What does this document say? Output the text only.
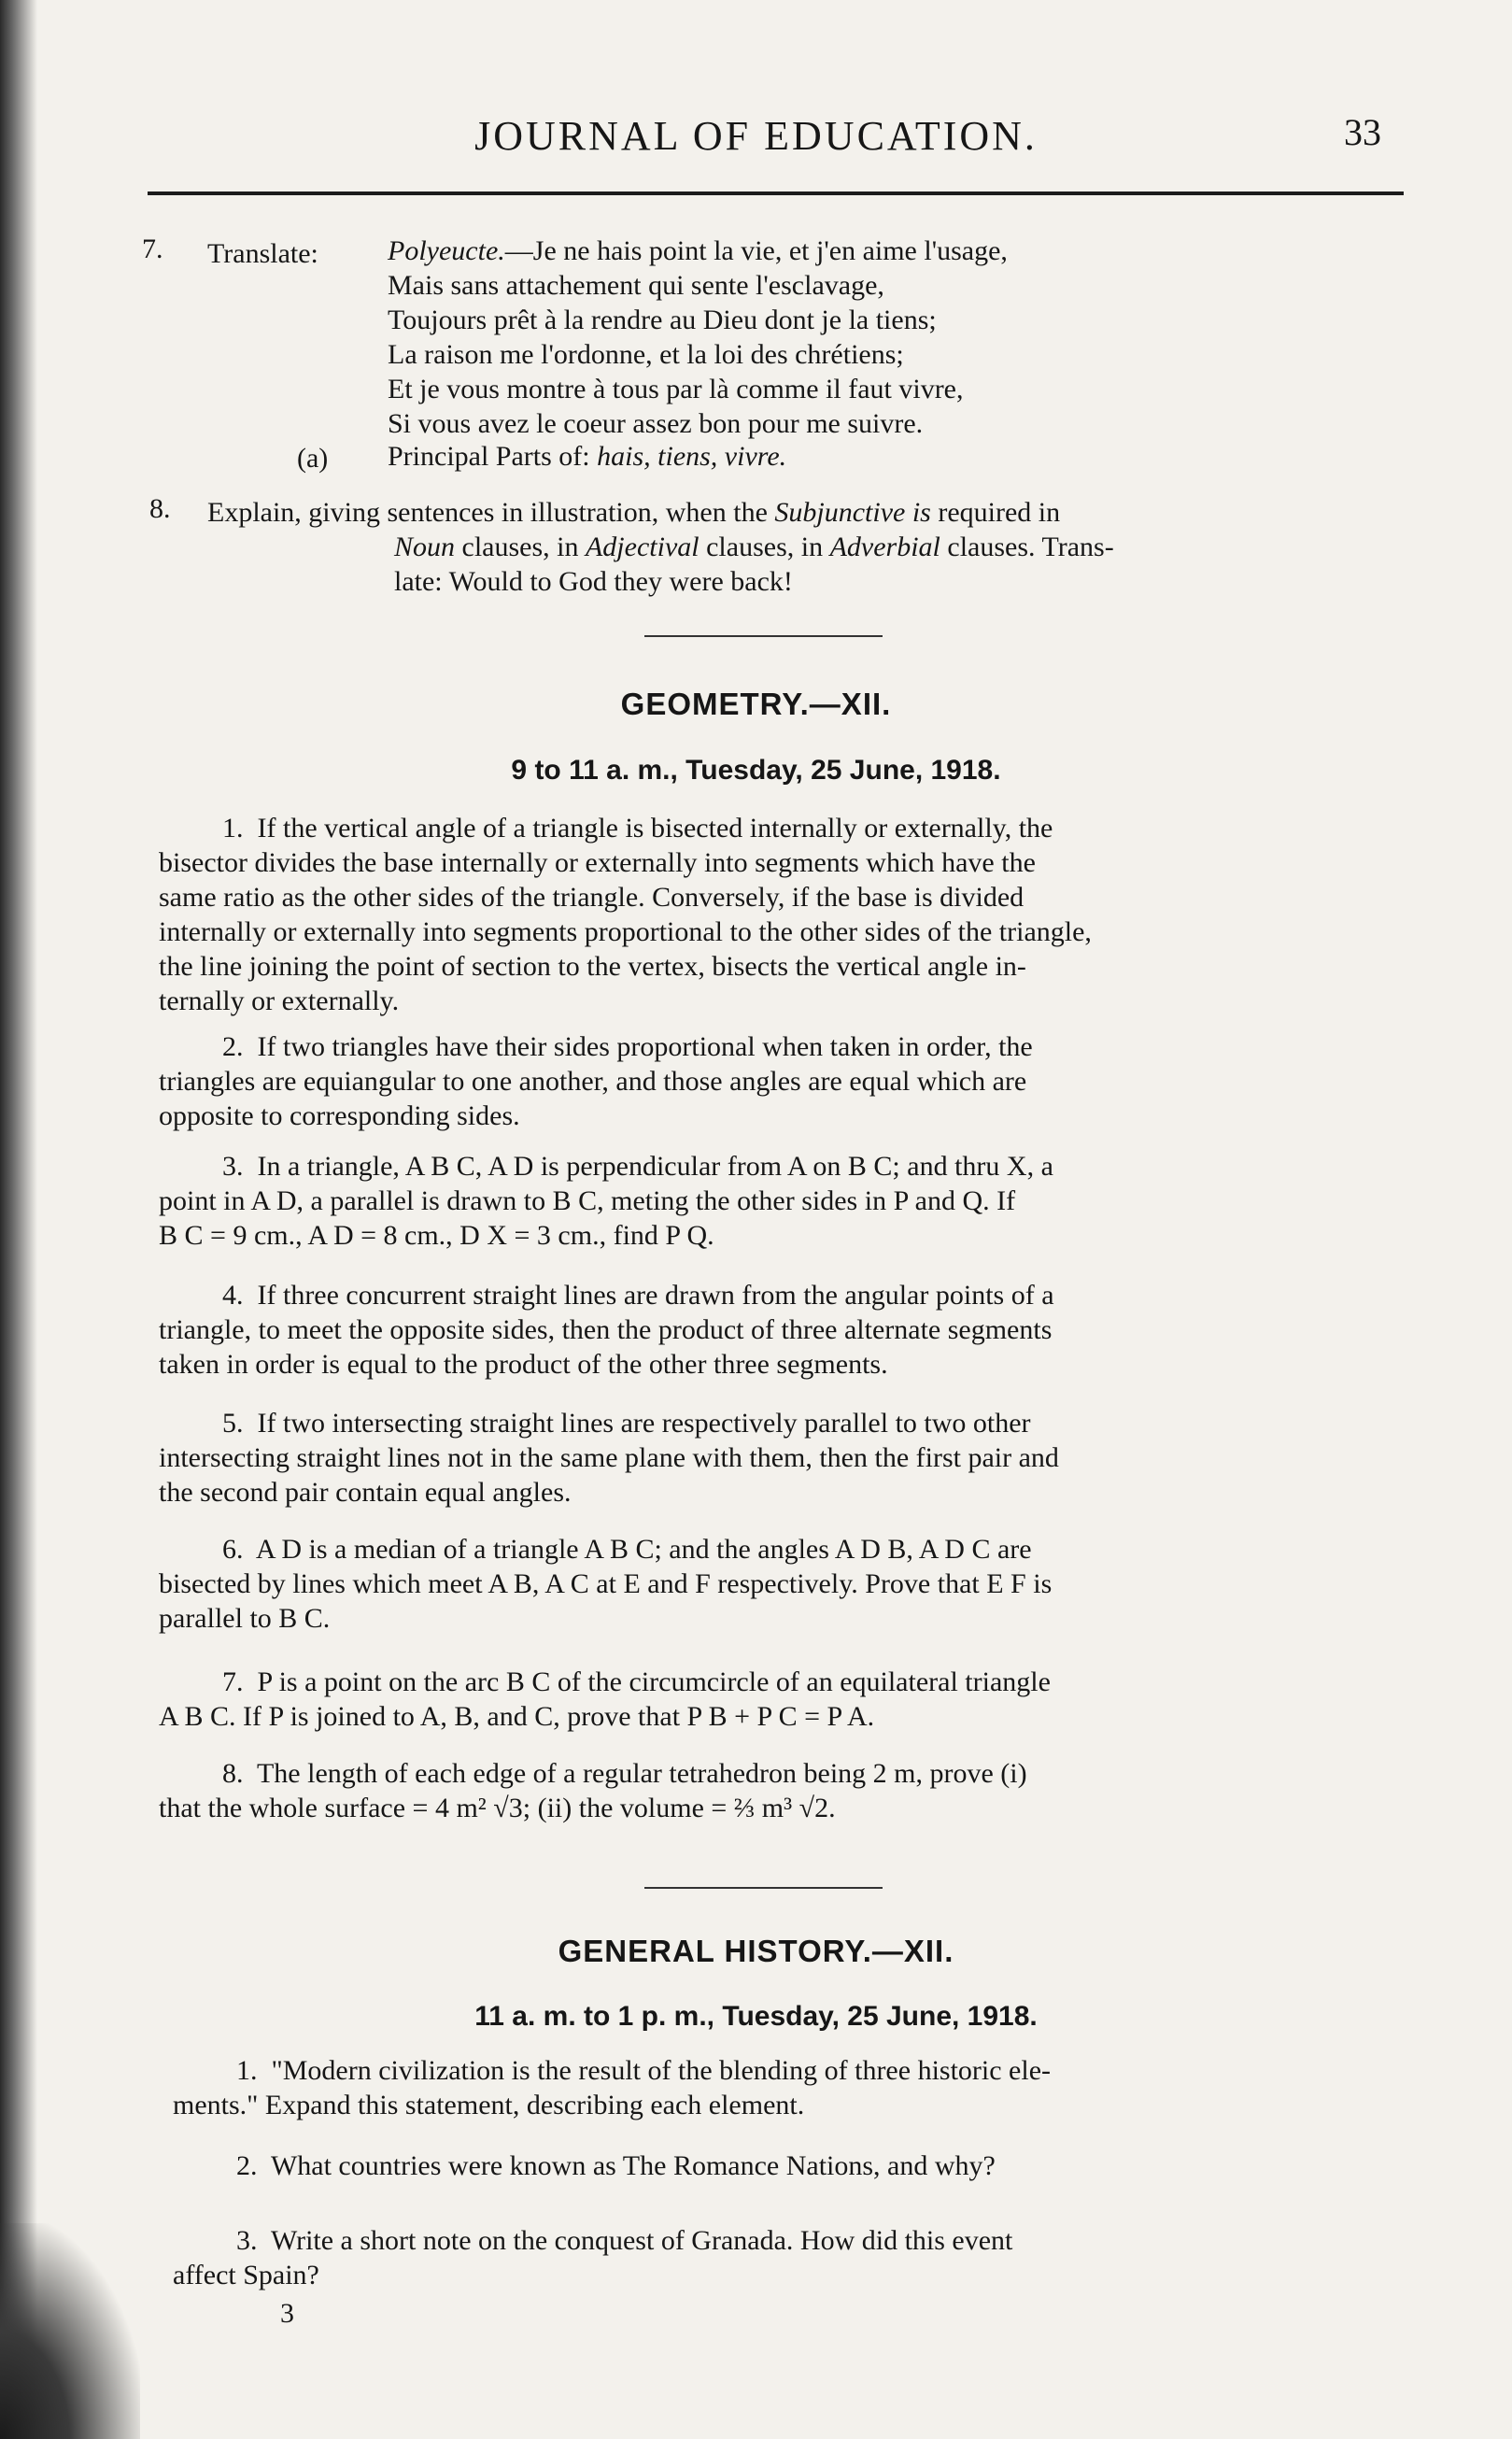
JOURNAL OF EDUCATION.	33
7. Translate: Polyeucte.—Je ne hais point la vie, et j'en aime l'usage,
Mais sans attachement qui sente l'esclavage,
Toujours prêt à la rendre au Dieu dont je la tiens;
La raison me l'ordonne, et la loi des chrétiens;
Et je vous montre à tous par là comme il faut vivre,
Si vous avez le coeur assez bon pour me suivre.
(a) Principal Parts of: hais, tiens, vivre.
8. Explain, giving sentences in illustration, when the Subjunctive is required in
Noun clauses, in Adjectival clauses, in Adverbial clauses. Trans-
late: Would to God they were back!
GEOMETRY.—XII.
9 to 11 a. m., Tuesday, 25 June, 1918.
1. If the vertical angle of a triangle is bisected internally or externally, the
bisector divides the base internally or externally into segments which have the
same ratio as the other sides of the triangle. Conversely, if the base is divided
internally or externally into segments proportional to the other sides of the triangle,
the line joining the point of section to the vertex, bisects the vertical angle in-
ternally or externally.
2. If two triangles have their sides proportional when taken in order, the
triangles are equiangular to one another, and those angles are equal which are
opposite to corresponding sides.
3. In a triangle, A B C, A D is perpendicular from A on B C; and thru X, a
point in A D, a parallel is drawn to B C, meting the other sides in P and Q. If
B C = 9 cm., A D = 8 cm., D X = 3 cm., find P Q.
4. If three concurrent straight lines are drawn from the angular points of a
triangle, to meet the opposite sides, then the product of three alternate segments
taken in order is equal to the product of the other three segments.
5. If two intersecting straight lines are respectively parallel to two other
intersecting straight lines not in the same plane with them, then the first pair and
the second pair contain equal angles.
6. A D is a median of a triangle A B C; and the angles A D B, A D C are
bisected by lines which meet A B, A C at E and F respectively. Prove that E F is
parallel to B C.
7. P is a point on the arc B C of the circumcircle of an equilateral triangle
A B C. If P is joined to A, B, and C, prove that P B + P C = P A.
8. The length of each edge of a regular tetrahedron being 2 m, prove (i)
that the whole surface = 4 m² √3; (ii) the volume = ⅔ m³ √2.
GENERAL HISTORY.—XII.
11 a. m. to 1 p. m., Tuesday, 25 June, 1918.
1. "Modern civilization is the result of the blending of three historic ele-
ments." Expand this statement, describing each element.
2. What countries were known as The Romance Nations, and why?
3. Write a short note on the conquest of Granada. How did this event
affect Spain?
3
